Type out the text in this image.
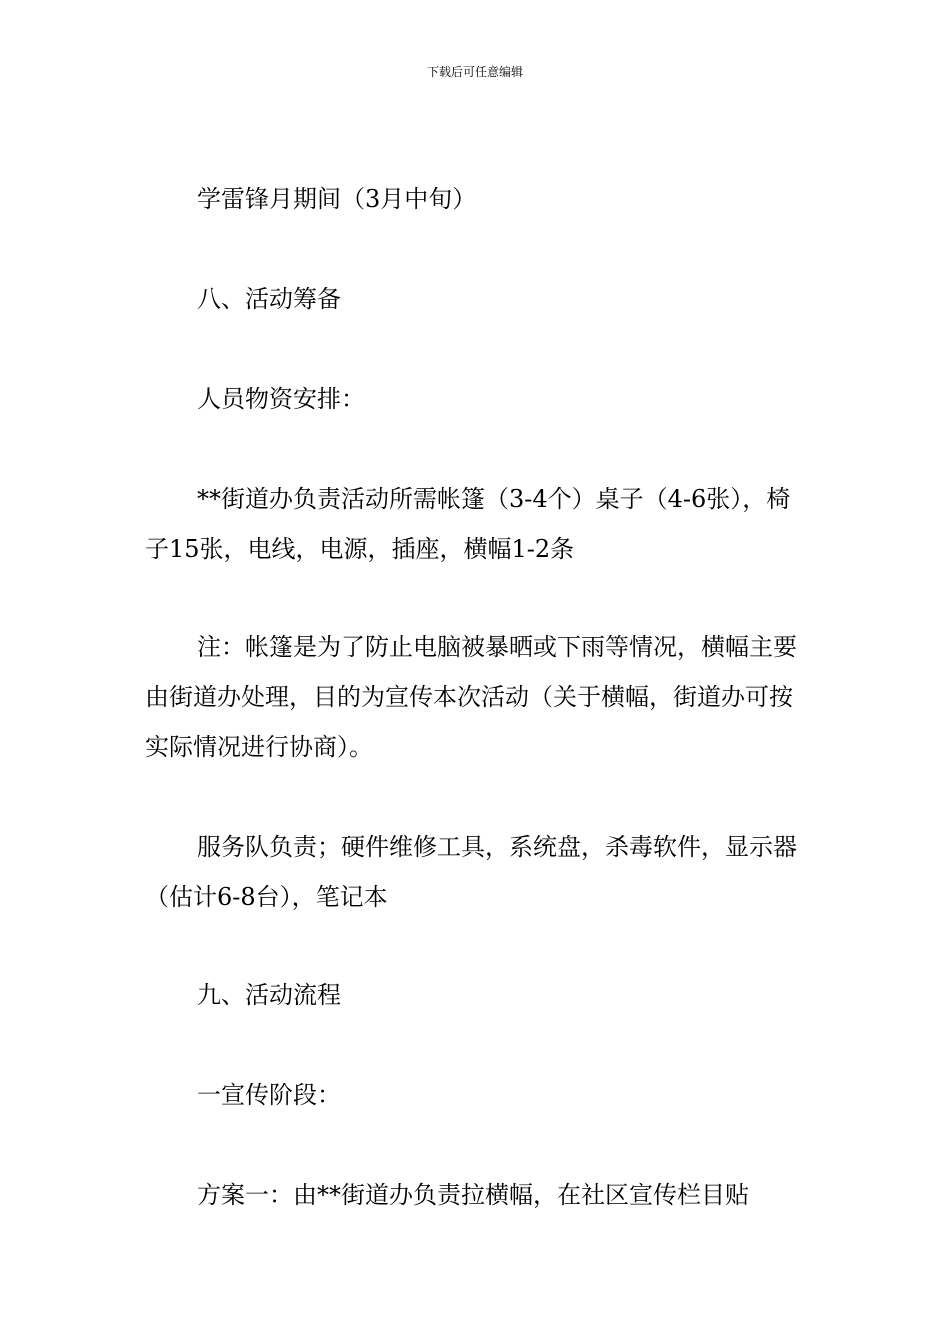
下载后可任意编辑

学雷锋月期间（3月中旬）

八、活动筹备

人员物资安排：

**街道办负责活动所需帐篷（3-4个）桌子（4-6张），椅子15张，电线，电源，插座，横幅1-2条

注：帐篷是为了防止电脑被暴晒或下雨等情况，横幅主要由街道办处理，目的为宣传本次活动（关于横幅，街道办可按实际情况进行协商）。

服务队负责；硬件维修工具，系统盘，杀毒软件，显示器（估计6-8台），笔记本

九、活动流程

一宣传阶段：

方案一：由**街道办负责拉横幅，在社区宣传栏目贴
